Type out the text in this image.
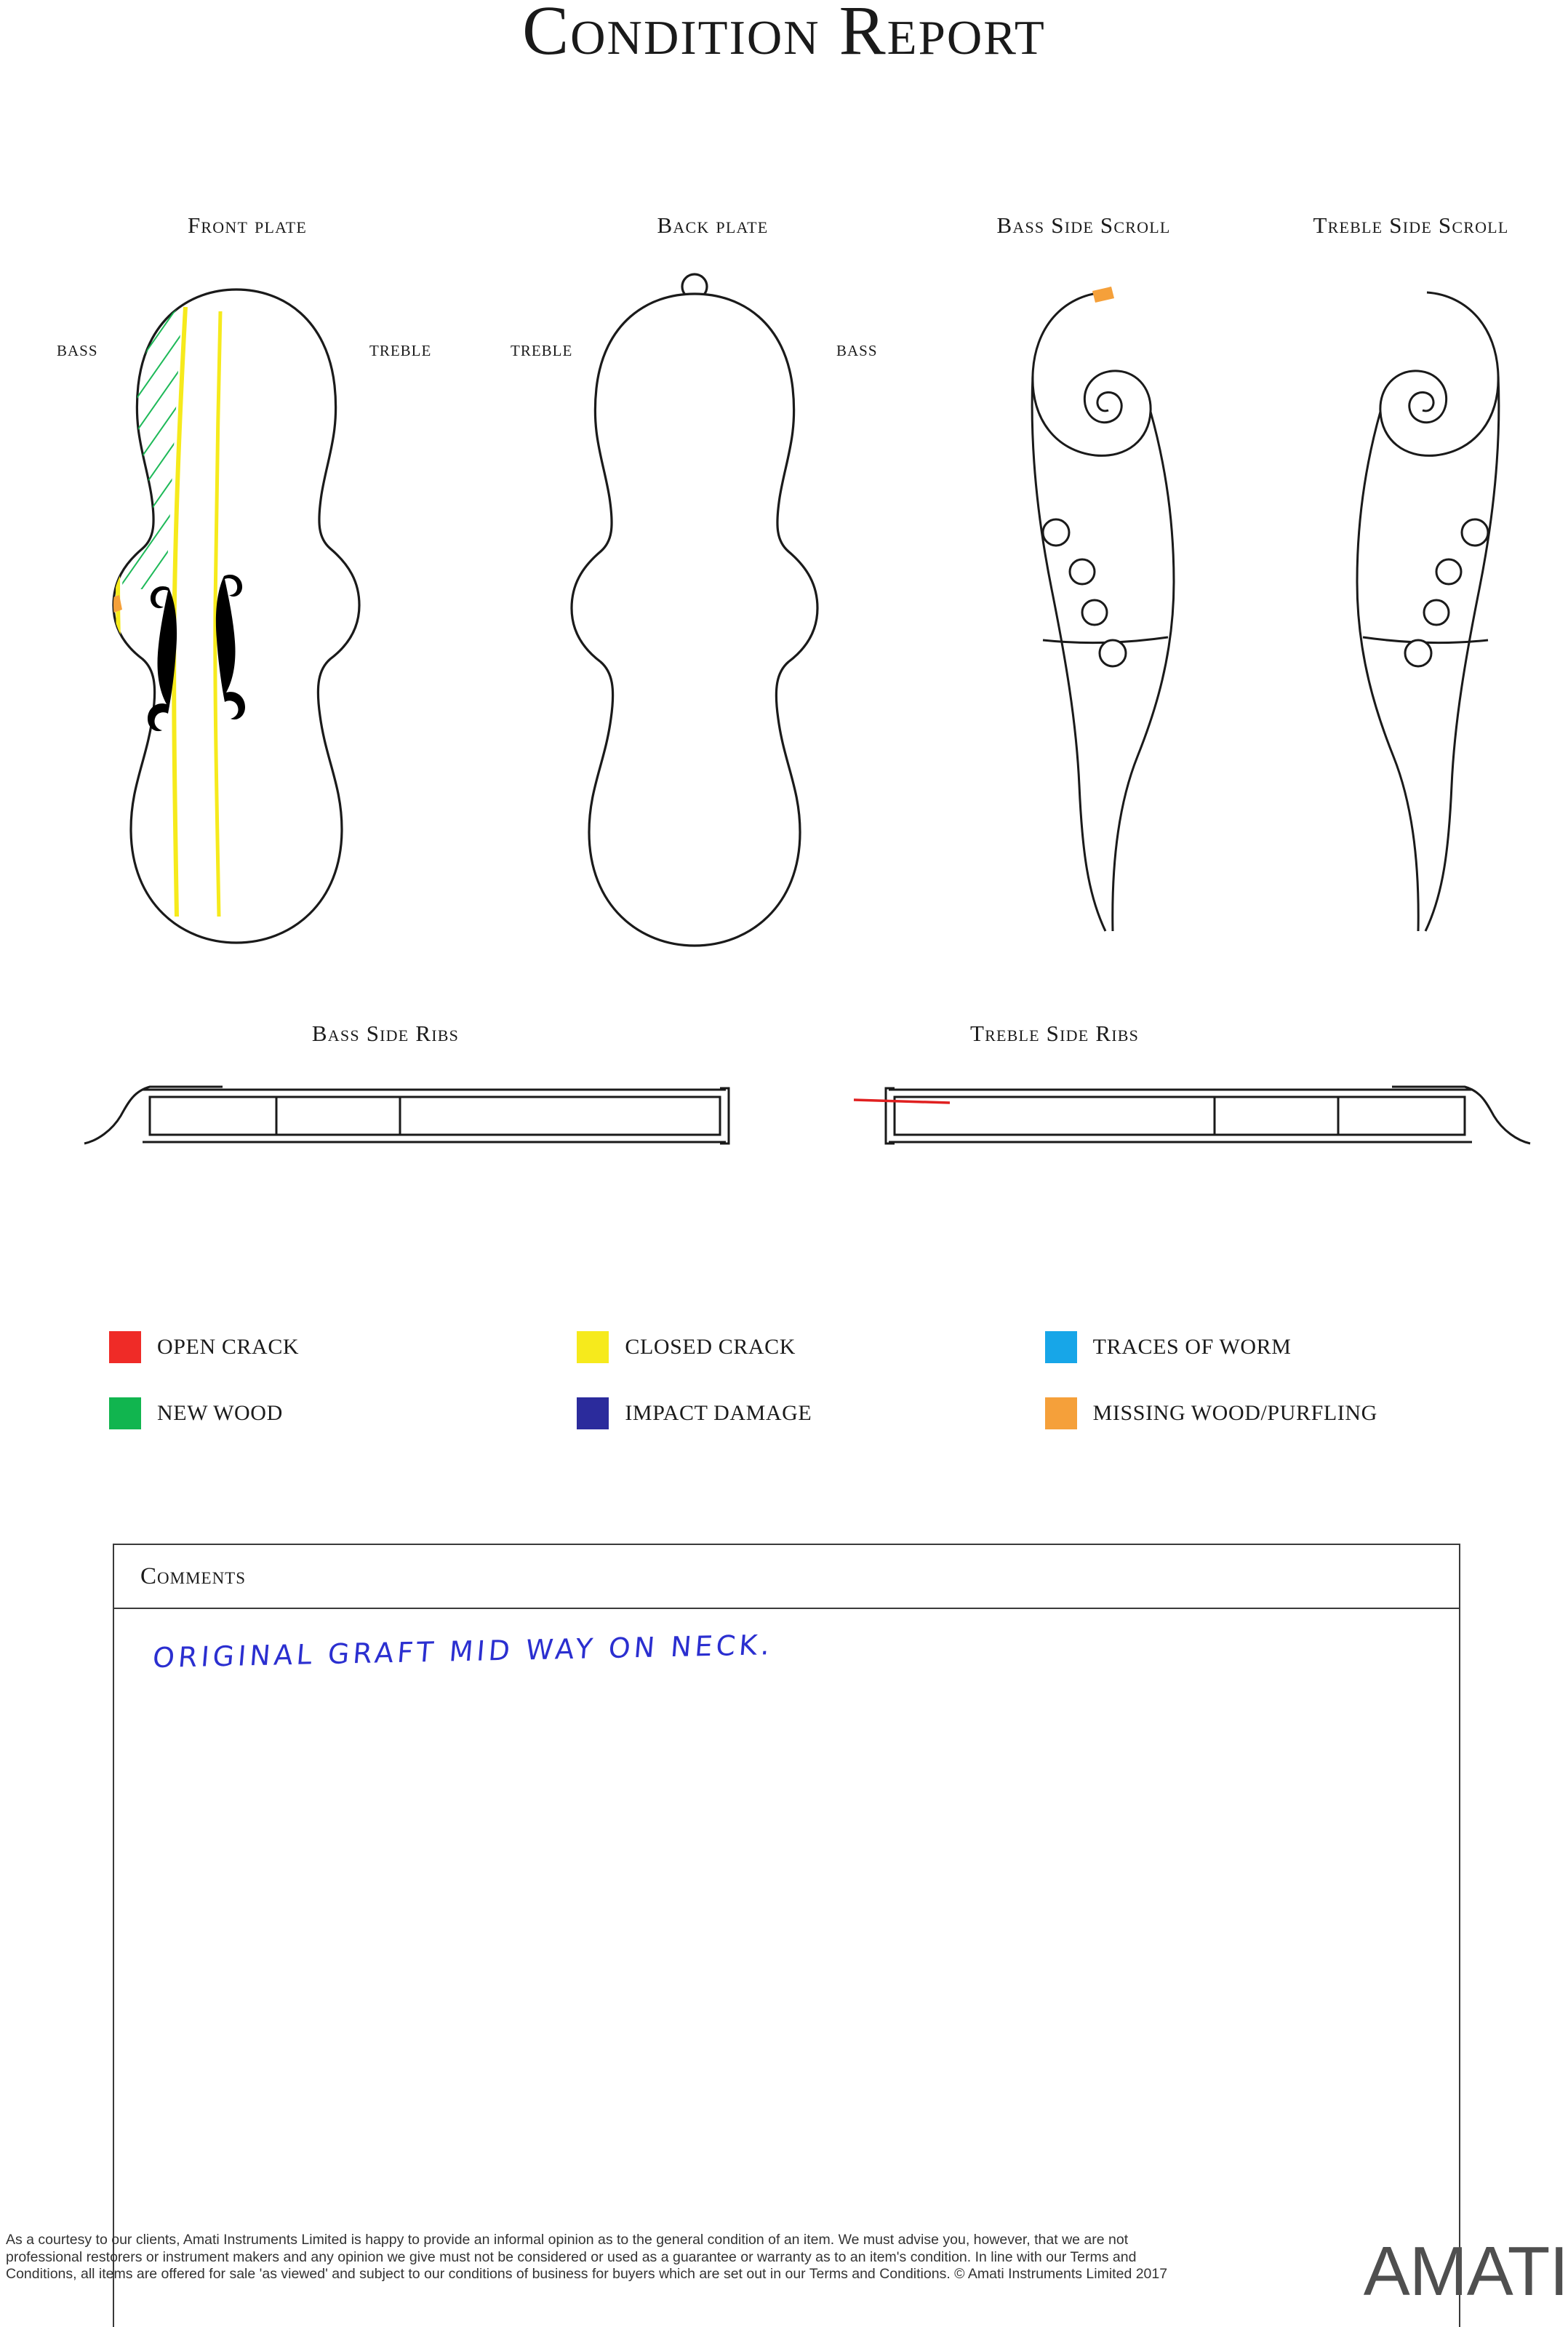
Condition Report
Front plate
BASS	TREBLE
Back plate
TREBLE	BASS
Bass Side Scroll	Treble Side Scroll
Bass Side Ribs	Treble Side Ribs
OPEN CRACK	CLOSED CRACK	TRACES OF WORM
NEW WOOD	IMPACT DAMAGE	MISSING WOOD/PURFLING
Comments
ORIGINAL GRAFT MID WAY ON NECK.
As a courtesy to our clients, Amati Instruments Limited is happy to provide an informal opinion as to the general condition of an item. We must advise you, however, that we are not professional restorers or instrument makers and any opinion we give must not be considered or used as a guarantee or warranty as to an item's condition. In line with our Terms and Conditions, all items are offered for sale 'as viewed' and subject to our conditions of business for buyers which are set out in our Terms and Conditions. © Amati Instruments Limited 2017	AMATI
